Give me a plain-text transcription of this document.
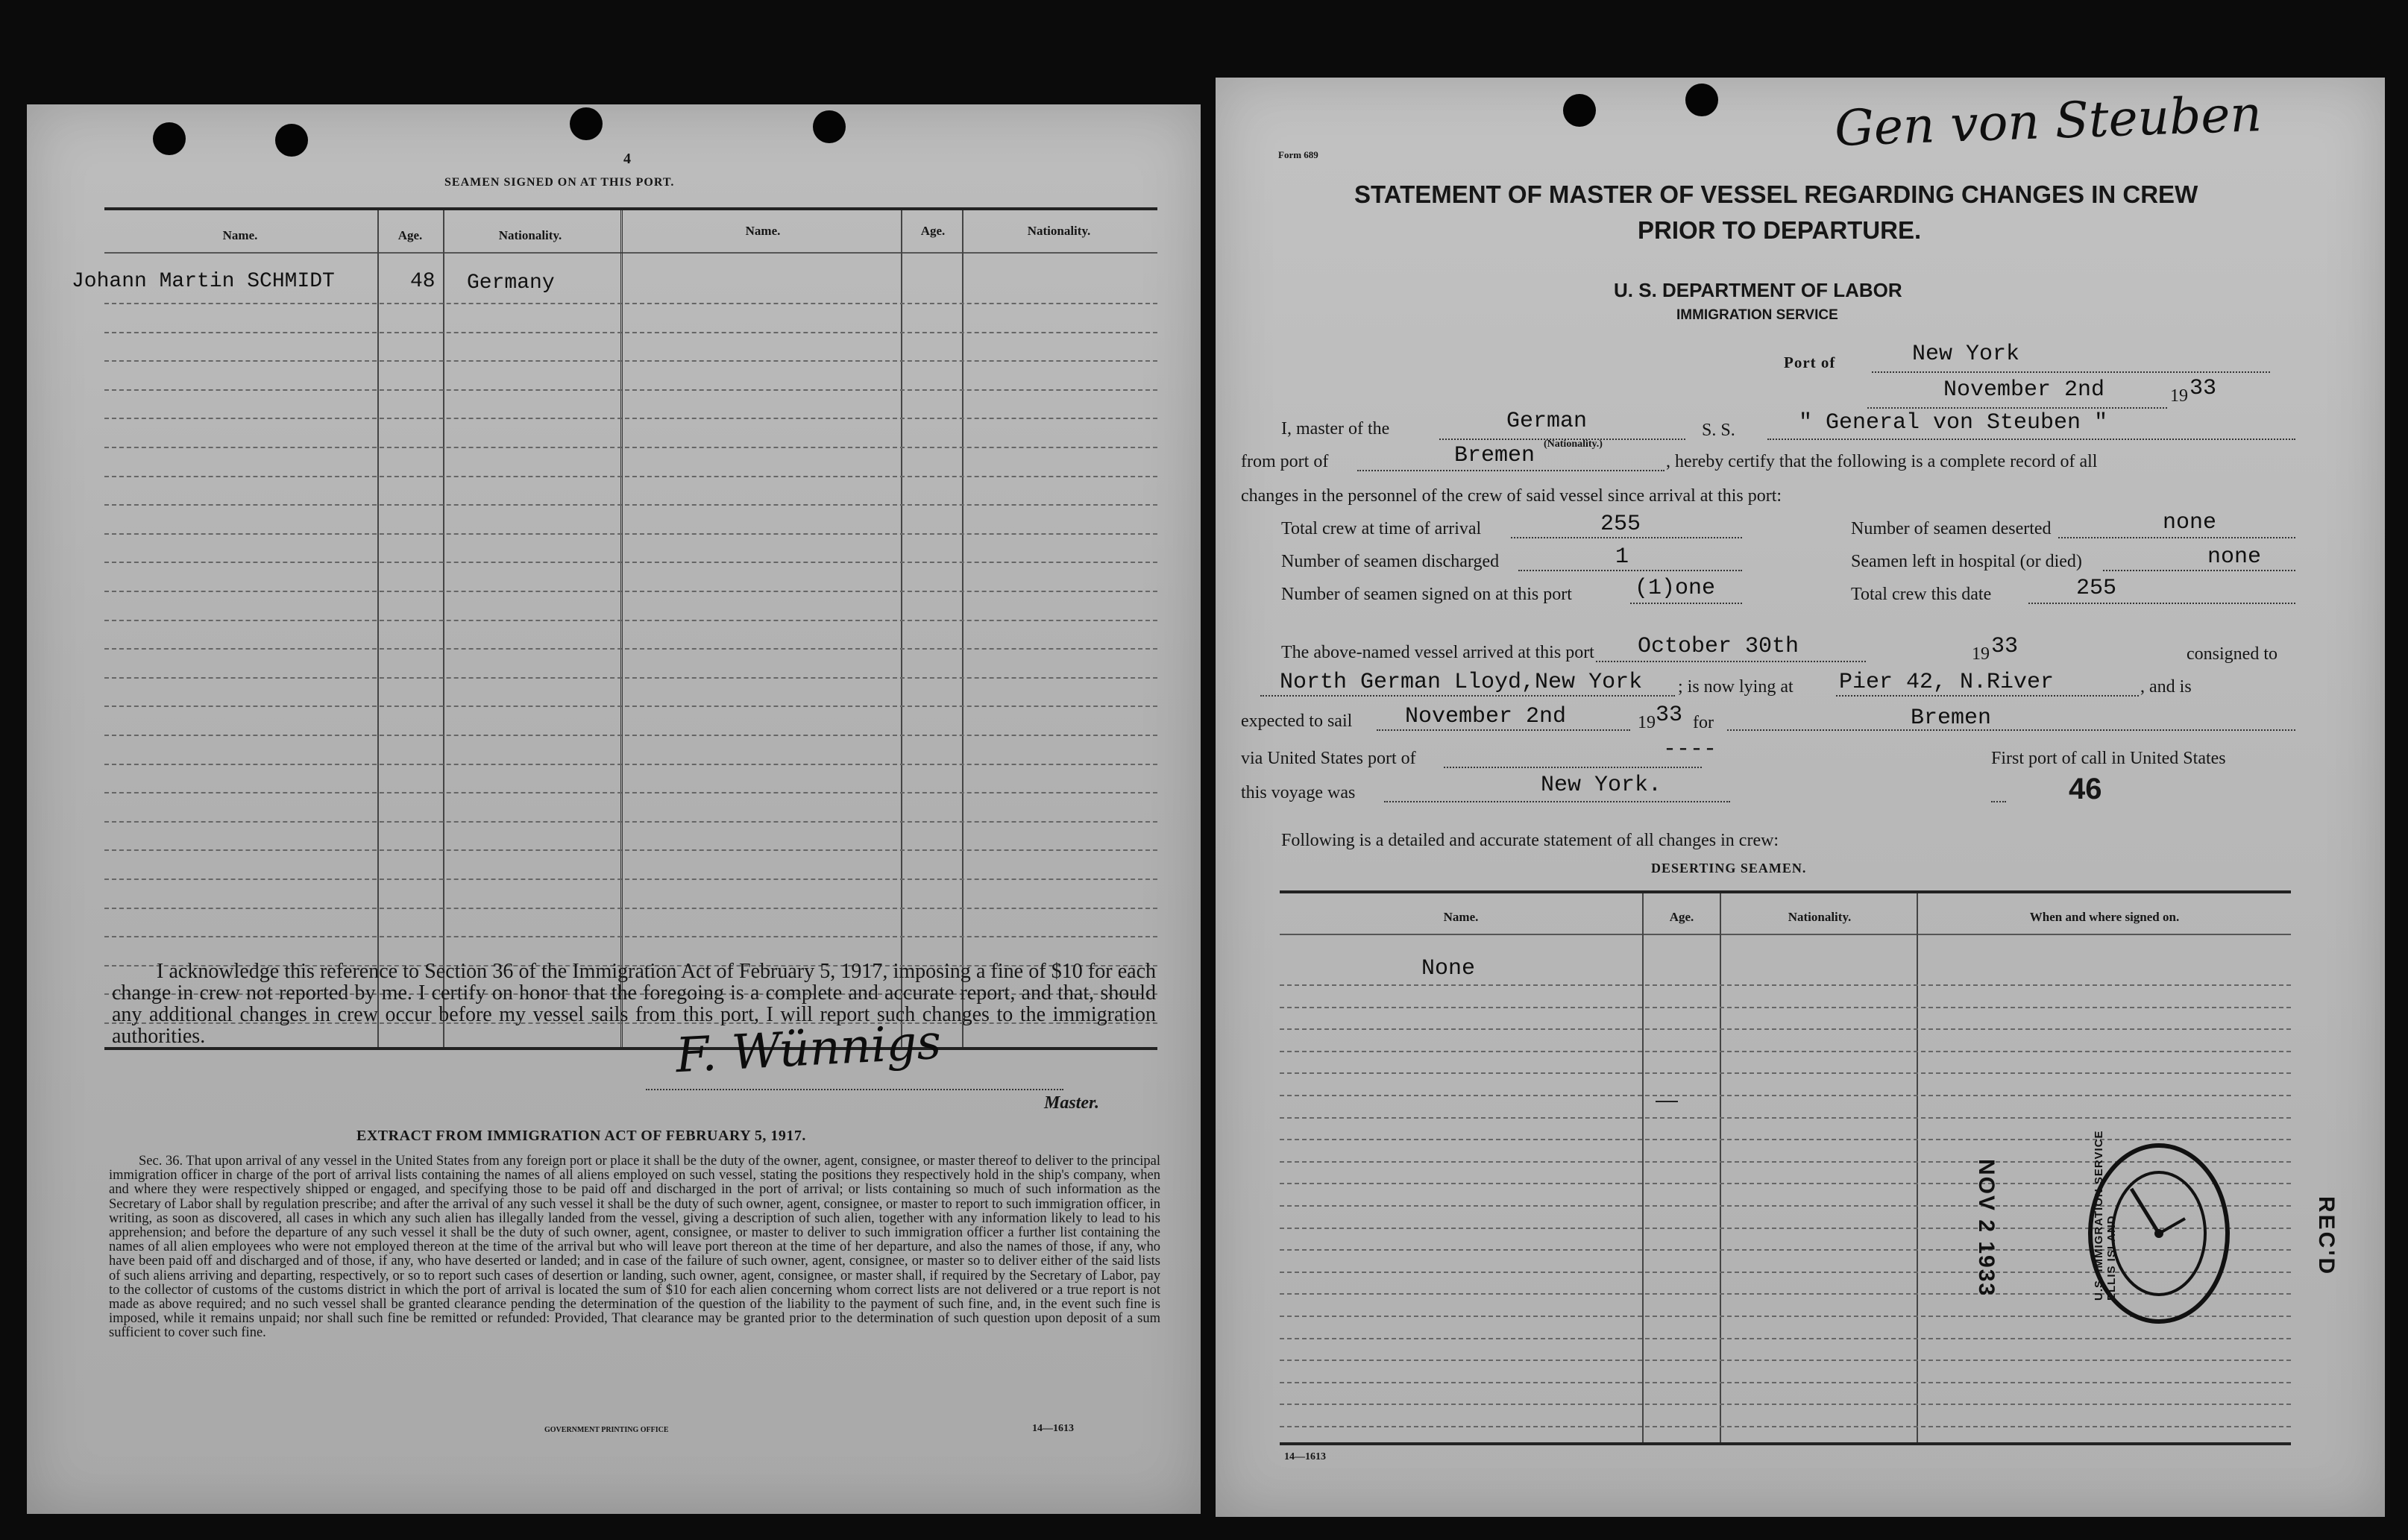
4
SEAMEN SIGNED ON AT THIS PORT.
Name.	Age.	Nationality.	Name.	Age.	Nationality.
Johann Martin SCHMIDT	48 Germany
I acknowledge this reference to Section 36 of the Immigration Act of February 5, 1917, imposing a fine of $10 for each change in crew not reported by me. I certify on honor that the foregoing is a complete and accurate report, and that, should any additional changes in crew occur before my vessel sails from this port, I will report such changes to the immigration authorities.	F. Wünnigs
Master.
EXTRACT FROM IMMIGRATION ACT OF FEBRUARY 5, 1917.
Sec. 36. That upon arrival of any vessel in the United States from any foreign port or place it shall be the duty of the owner, agent, consignee, or master thereof to deliver to the principal immigration officer in charge of the port of arrival lists containing the names of all aliens employed on such vessel, stating the positions they respectively hold in the ship's company, when and where they were respectively shipped or engaged, and specifying those to be paid off and discharged in the port of arrival; or lists containing so much of such information as the Secretary of Labor shall by regulation prescribe; and after the arrival of any such vessel it shall be the duty of such owner, agent, consignee, or master to report to such immigration officer, in writing, as soon as discovered, all cases in which any such alien has illegally landed from the vessel, giving a description of such alien, together with any information likely to lead to his apprehension; and before the departure of any such vessel it shall be the duty of such owner, agent, consignee, or master to deliver to such immigration officer a further list containing the names of all alien employees who were not employed thereon at the time of the arrival but who will leave port thereon at the time of her departure, and also the names of those, if any, who have been paid off and discharged and of those, if any, who have deserted or landed; and in case of the failure of such owner, agent, consignee, or master so to deliver either of the said lists of such aliens arriving and departing, respectively, or so to report such cases of desertion or landing, such owner, agent, consignee, or master shall, if required by the Secretary of Labor, pay to the collector of customs of the customs district in which the port of arrival is located the sum of $10 for each alien concerning whom correct lists are not delivered or a true report is not made as above required; and no such vessel shall be granted clearance pending the determination of the question of the liability to the payment of such fine, and, in the event such fine is imposed, while it remains unpaid; nor shall such fine be remitted or refunded: Provided, That clearance may be granted prior to the determination of such question upon deposit of a sum sufficient to cover such fine.
GOVERNMENT PRINTING OFFICE	14—1613
Form 689	Gen von Steuben
STATEMENT OF MASTER OF VESSEL REGARDING CHANGES IN CREW
PRIOR TO DEPARTURE.
U. S. DEPARTMENT OF LABOR
IMMIGRATION SERVICE
Port of	New York
November 2nd	19 33
I, master of the	German
(Nationality.)
S. S.	" General von Steuben "
from port of	Bremen	, hereby certify that the following is a complete record of all
changes in the personnel of the crew of said vessel since arrival at this port:
Total crew at time of arrival	255	Number of seamen deserted	none
Number of seamen discharged	1	Seamen left in hospital (or died)	none
Number of seamen signed on at this port	(1)one	Total crew this date	255
The above-named vessel arrived at this port October 30th	19 33	consigned to
North German Lloyd,New York ; is now lying at Pier 42, N.River	, and is
expected to sail November 2nd	19 33 for	Bremen
via United States port of	----	First port of call in United States
this voyage was	New York.	46
Following is a detailed and accurate statement of all changes in crew:
DESERTING SEAMEN.
Name.	Age.	Nationality.	When and where signed on.
None
NOV 2 1933	U.S. IMMIGRATION SERVICE ELLIS ISLAND	REC'D
14—1613
